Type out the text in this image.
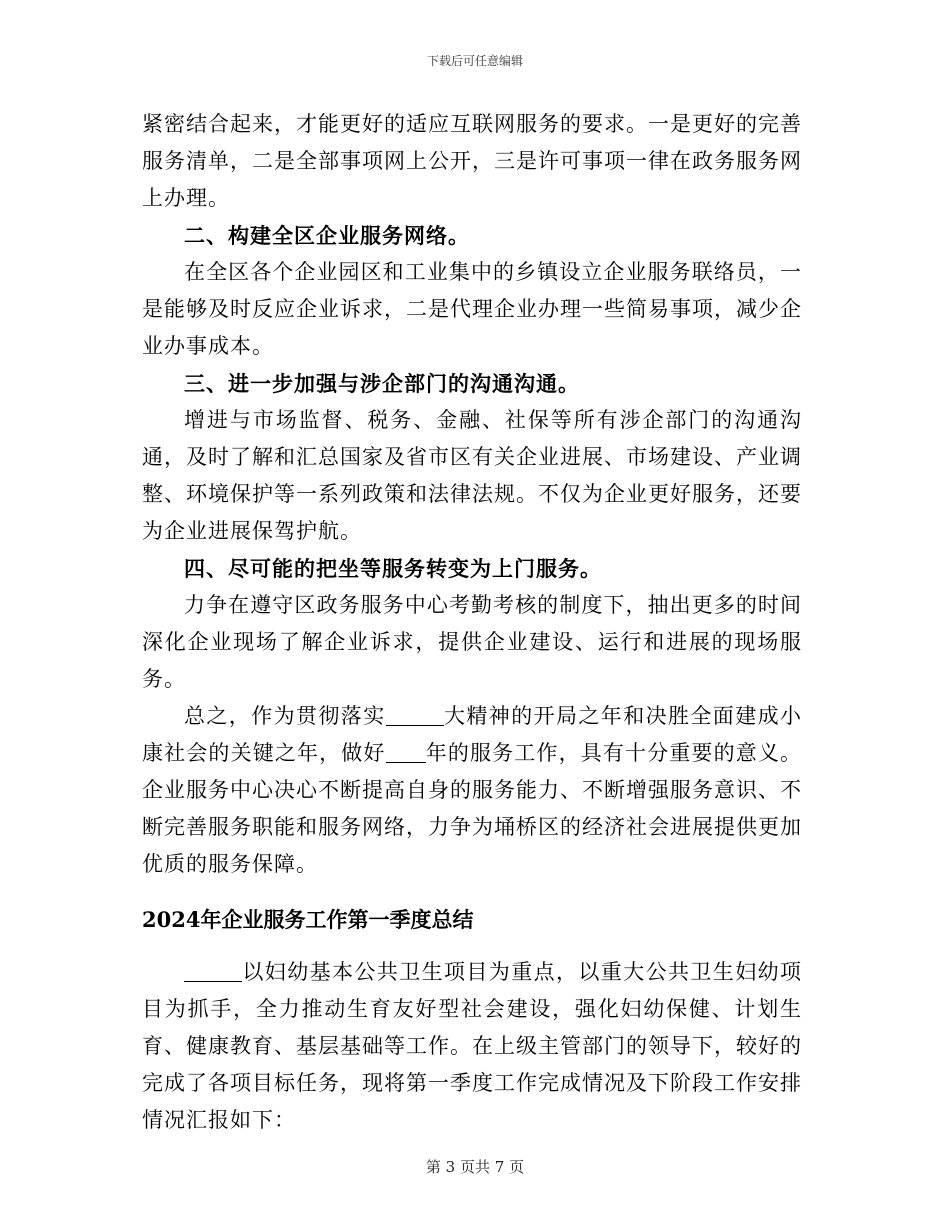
下载后可任意编辑

紧密结合起来，才能更好的适应互联网服务的要求。一是更好的完善服务清单，二是全部事项网上公开，三是许可事项一律在政务服务网上办理。

二、构建全区企业服务网络。

在全区各个企业园区和工业集中的乡镇设立企业服务联络员，一是能够及时反应企业诉求，二是代理企业办理一些简易事项，减少企业办事成本。

三、进一步加强与涉企部门的沟通沟通。

增进与市场监督、税务、金融、社保等所有涉企部门的沟通沟通，及时了解和汇总国家及省市区有关企业进展、市场建设、产业调整、环境保护等一系列政策和法律法规。不仅为企业更好服务，还要为企业进展保驾护航。

四、尽可能的把坐等服务转变为上门服务。

力争在遵守区政务服务中心考勤考核的制度下，抽出更多的时间深化企业现场了解企业诉求，提供企业建设、运行和进展的现场服务。

总之，作为贯彻落实	大精神的开局之年和决胜全面建成小康社会的关键之年，做好 年的服务工作，具有十分重要的意义。企业服务中心决心不断提高自身的服务能力、不断增强服务意识、不断完善服务职能和服务网络，力争为埇桥区的经济社会进展提供更加优质的服务保障。

2024年企业服务工作第一季度总结

以妇幼基本公共卫生项目为重点，以重大公共卫生妇幼项目为抓手，全力推动生育友好型社会建设，强化妇幼保健、计划生育、健康教育、基层基础等工作。在上级主管部门的领导下，较好的完成了各项目标任务，现将第一季度工作完成情况及下阶段工作安排情况汇报如下：

第 3 页共 7 页
